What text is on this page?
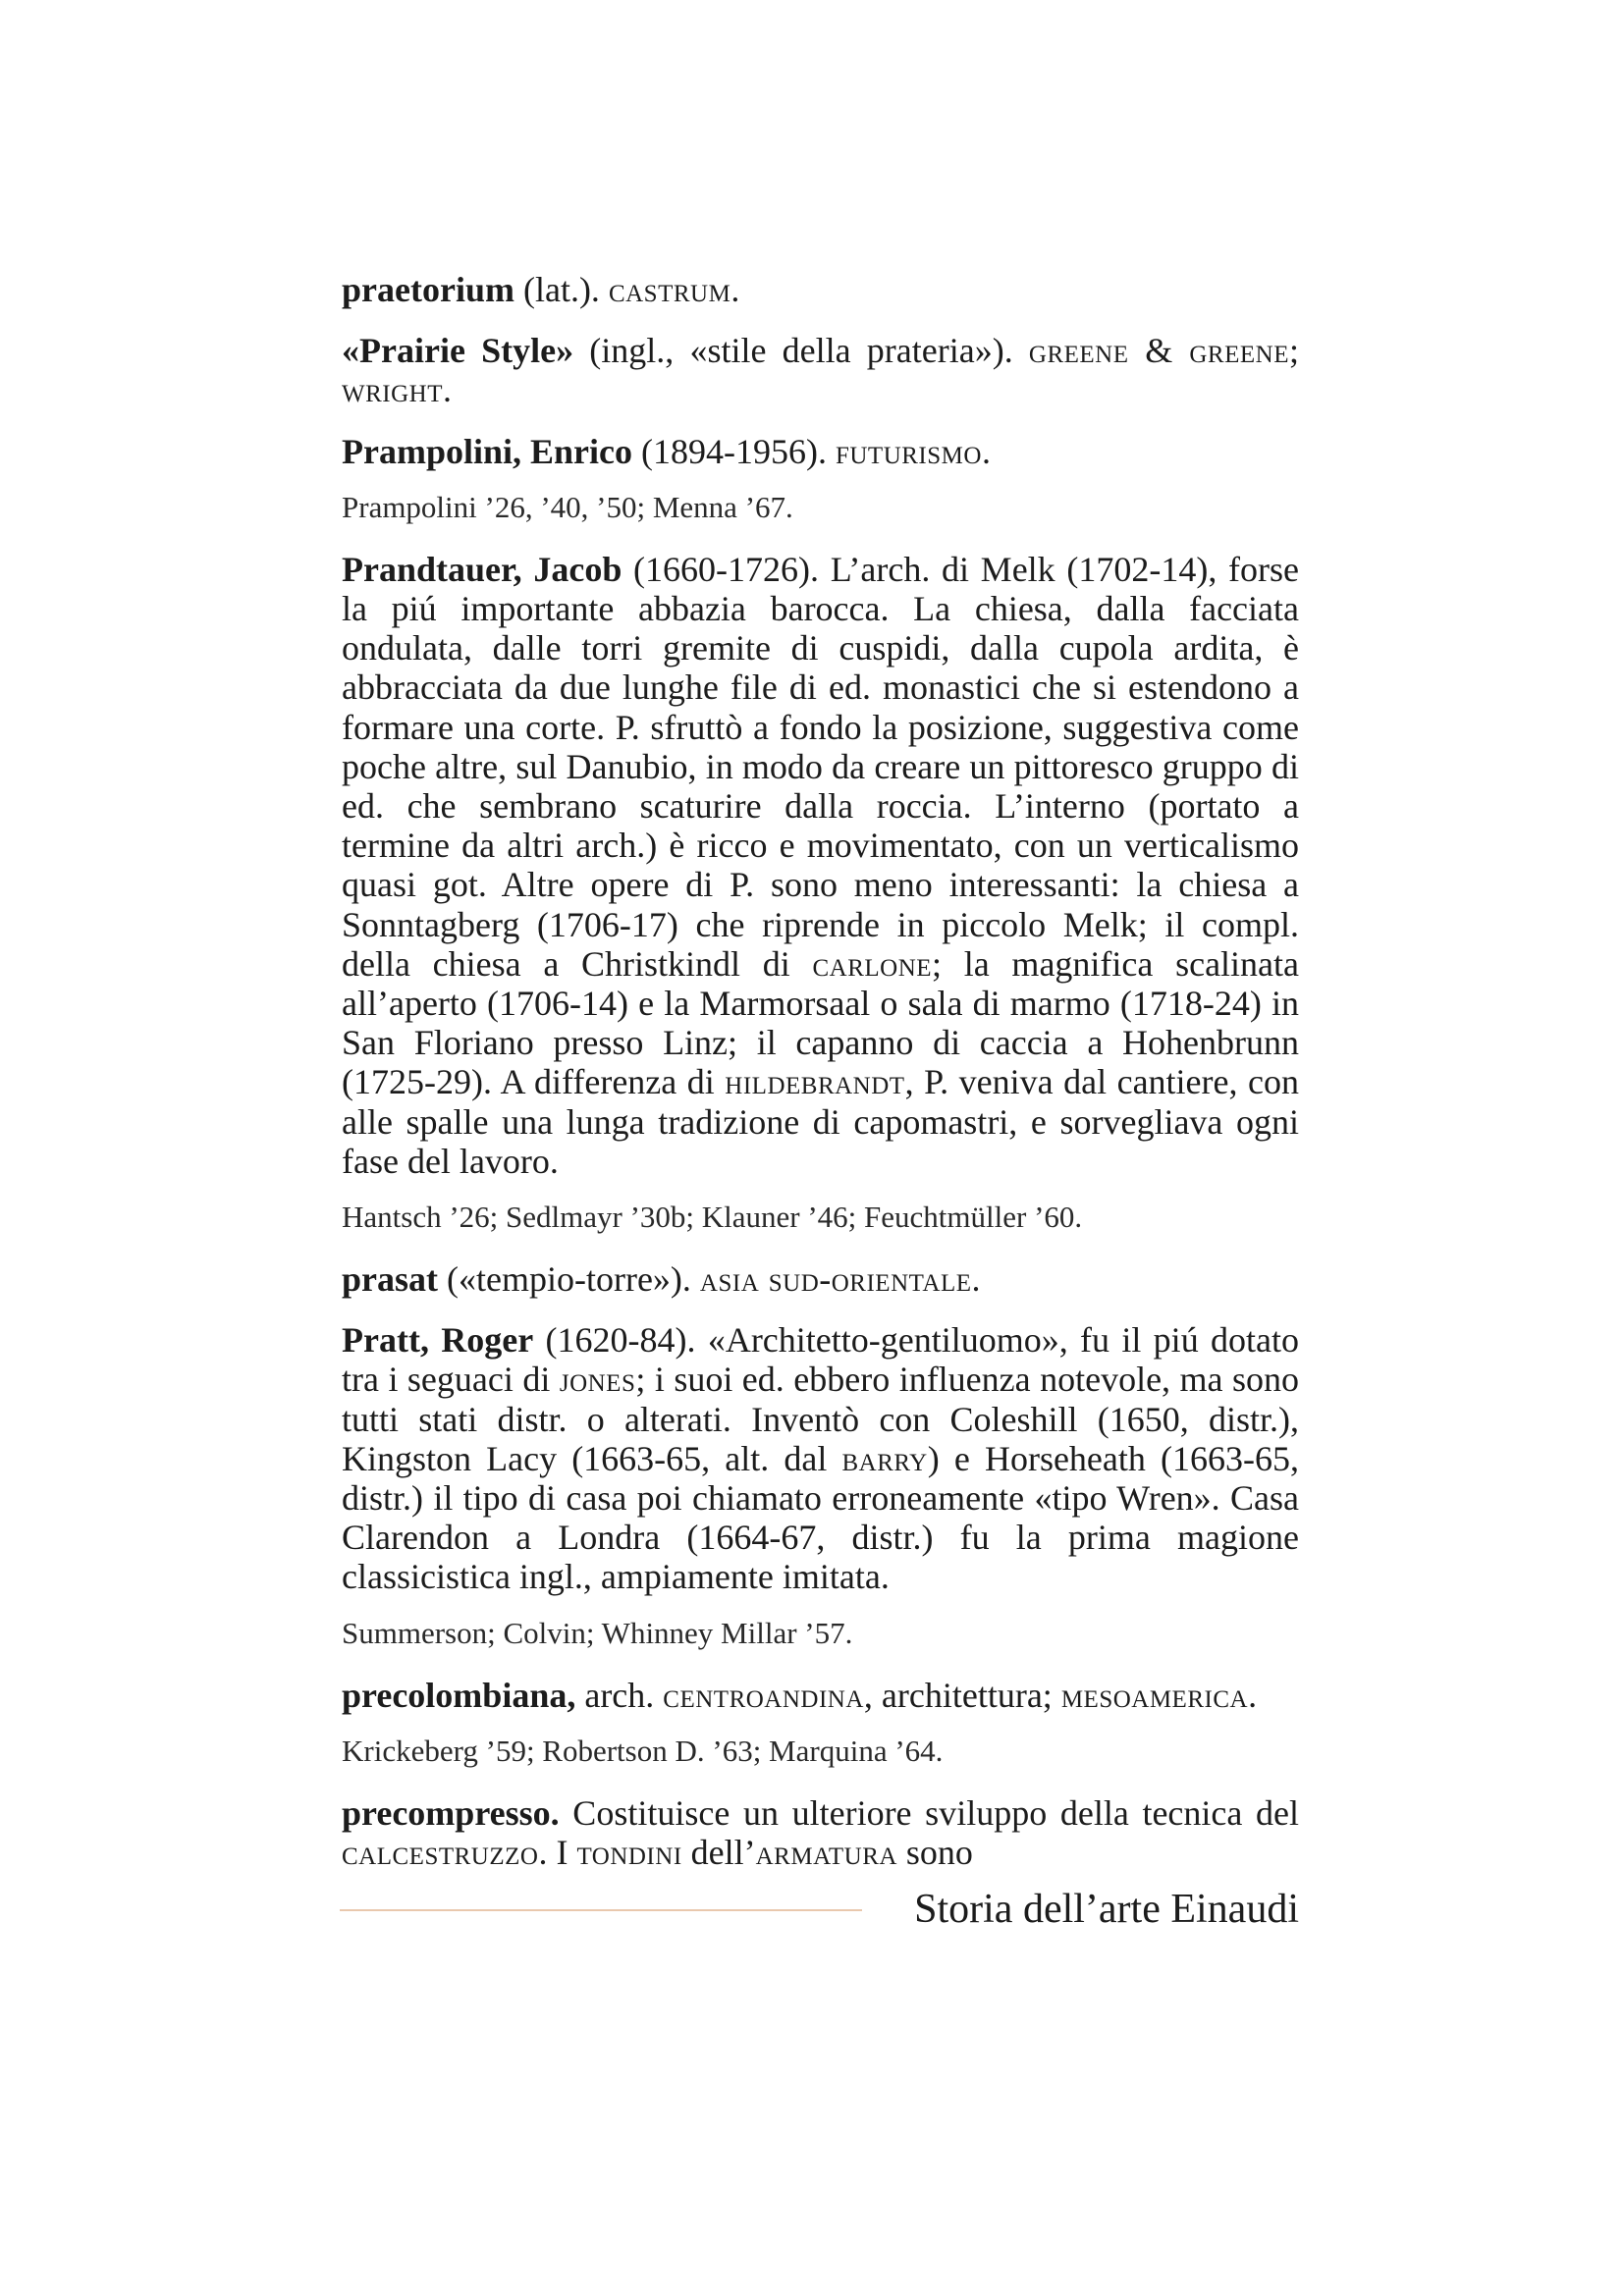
praetorium (lat.). castrum.

«Prairie Style» (ingl., «stile della prateria»). greene & greene; wright.

Prampolini, Enrico (1894-1956). futurismo.

Prampolini ’26, ’40, ’50; Menna ’67.

Prandtauer, Jacob (1660-1726). L’arch. di Melk (1702-14), forse la piú importante abbazia barocca. La chiesa, dalla facciata ondulata, dalle torri gremite di cuspidi, dalla cupola ardita, è abbracciata da due lunghe file di ed. monastici che si estendono a formare una corte. P. sfruttò a fondo la posizione, suggestiva come poche altre, sul Danubio, in modo da creare un pittoresco gruppo di ed. che sembrano scaturire dalla roccia. L’interno (portato a termine da altri arch.) è ricco e movimentato, con un verticalismo quasi got. Altre opere di P. sono meno interessanti: la chiesa a Sonntagberg (1706-17) che riprende in piccolo Melk; il compl. della chiesa a Christkindl di carlone; la magnifica scalinata all’aperto (1706-14) e la Marmorsaal o sala di marmo (1718-24) in San Floriano presso Linz; il capanno di caccia a Hohenbrunn (1725-29). A differenza di hildebrandt, P. veniva dal cantiere, con alle spalle una lunga tradizione di capomastri, e sorvegliava ogni fase del lavoro.

Hantsch ’26; Sedlmayr ’30b; Klauner ’46; Feuchtmüller ’60.

prasat («tempio-torre»). asia sud-orientale.

Pratt, Roger (1620-84). «Architetto-gentiluomo», fu il piú dotato tra i seguaci di jones; i suoi ed. ebbero influenza notevole, ma sono tutti stati distr. o alterati. Inventò con Coleshill (1650, distr.), Kingston Lacy (1663-65, alt. dal barry) e Horseheath (1663-65, distr.) il tipo di casa poi chiamato erroneamente «tipo Wren». Casa Clarendon a Londra (1664-67, distr.) fu la prima magione classicistica ingl., ampiamente imitata.

Summerson; Colvin; Whinney Millar ’57.

precolombiana, arch. centroandina, architettura; mesoamerica.

Krickeberg ’59; Robertson D. ’63; Marquina ’64.

precompresso. Costituisce un ulteriore sviluppo della tecnica del calcestruzzo. I tondini dell’armatura sono

Storia dell’arte Einaudi
